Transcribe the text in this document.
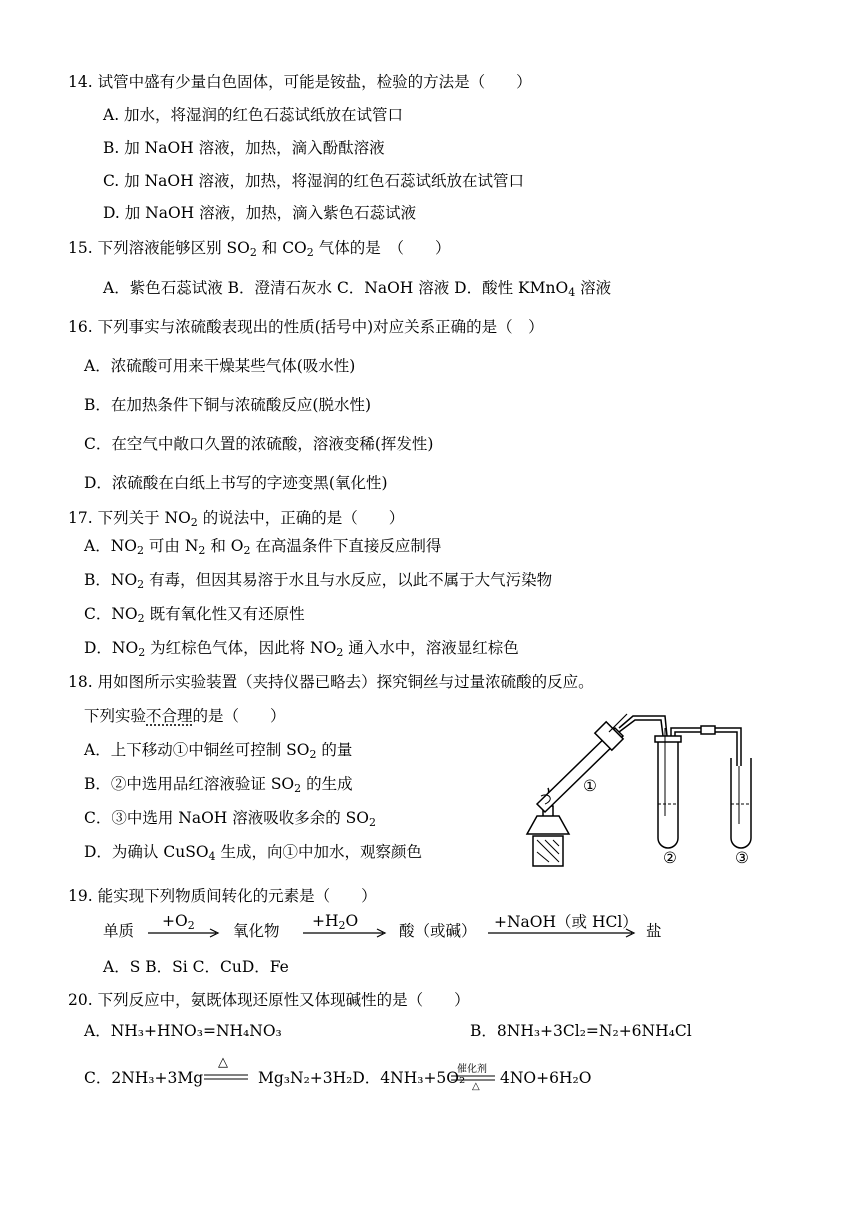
14. 试管中盛有少量白色固体，可能是铵盐，检验的方法是（　　）
A. 加水，将湿润的红色石蕊试纸放在试管口
B. 加 NaOH 溶液，加热，滴入酚酞溶液
C. 加 NaOH 溶液，加热，将湿润的红色石蕊试纸放在试管口
D. 加 NaOH 溶液，加热，滴入紫色石蕊试液
15. 下列溶液能够区别 $SO_2$ 和 $CO_2$ 气体的是　（　　）
A．紫色石蕊试液 B．澄清石灰水 C．NaOH 溶液 D．酸性 KMnO$_4$ 溶液
16. 下列事实与浓硫酸表现出的性质(括号中)对应关系正确的是（　）
A．浓硫酸可用来干燥某些气体(吸水性)
B．在加热条件下铜与浓硫酸反应(脱水性)
C．在空气中敞口久置的浓硫酸，溶液变稀(挥发性)
D．浓硫酸在白纸上书写的字迹变黑(氧化性)
17. 下列关于 $NO_2$ 的说法中，正确的是（　　）
A．$NO_2$ 可由 $N_2$ 和 $O_2$ 在高温条件下直接反应制得
B．$NO_2$ 有毒，但因其易溶于水且与水反应，以此不属于大气污染物
C．$NO_2$ 既有氧化性又有还原性
D．$NO_2$ 为红棕色气体，因此将 $NO_2$ 通入水中，溶液显红棕色
18. 用如图所示实验装置（夹持仪器已略去）探究铜丝与过量浓硫酸的反应。
下列实验不合理的是（　　）
A．上下移动①中铜丝可控制 $SO_2$ 的量
B．②中选用品红溶液验证 $SO_2$ 的生成
C．③中选用 NaOH 溶液吸收多余的 $SO_2$
D．为确认 CuSO$_4$ 生成，向①中加水，观察颜色
①
②	③
19. 能实现下列物质间转化的元素是（　　）
单质
$+O_2$ 氧化物
$+H_2O$
酸（或碱） +NaOH（或 HCl） 盐
A．S B．Si C．CuD．Fe
20. 下列反应中，氨既体现还原性又体现碱性的是（　　）
A．NH₃+HNO₃=NH₄NO₃	B．8NH₃+3Cl₂=N₂+6NH₄Cl
C．2NH₃+3Mg
△
Mg₃N₂+3H₂D．4NH₃+5O₂
催化剂
△ 4NO+6H₂O
